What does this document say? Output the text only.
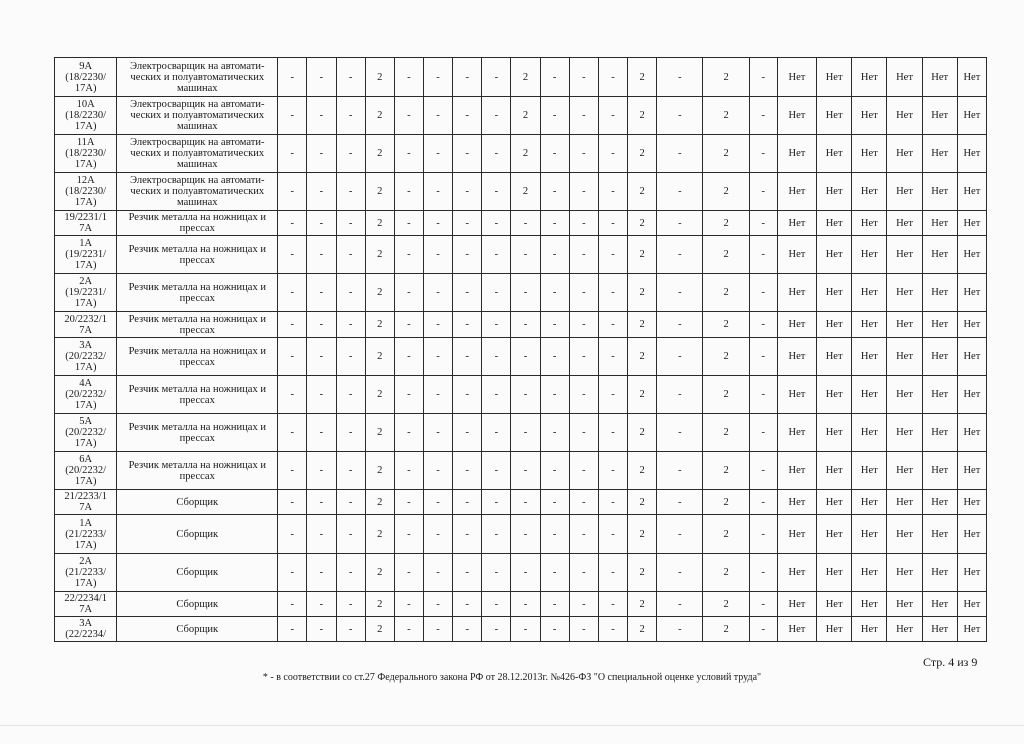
9А
(18/2230/
17А)	Электросварщик на автомати-
ческих и полуавтоматических
машинах	-	-	-	2	-	-	-	-	2	-	-	-	2	-	2	-	Нет	Нет	Нет	Нет	Нет	Нет
10А
(18/2230/
17А)	Электросварщик на автомати-
ческих и полуавтоматических
машинах	-	-	-	2	-	-	-	-	2	-	-	-	2	-	2	-	Нет	Нет	Нет	Нет	Нет	Нет
11А
(18/2230/
17А)	Электросварщик на автомати-
ческих и полуавтоматических
машинах	-	-	-	2	-	-	-	-	2	-	-	-	2	-	2	-	Нет	Нет	Нет	Нет	Нет	Нет
12А
(18/2230/
17А)	Электросварщик на автомати-
ческих и полуавтоматических
машинах	-	-	-	2	-	-	-	-	2	-	-	-	2	-	2	-	Нет	Нет	Нет	Нет	Нет	Нет
19/2231/1
7А	Резчик металла на ножницах и
прессах	-	-	-	2	-	-	-	-	-	-	-	-	2	-	2	-	Нет	Нет	Нет	Нет	Нет	Нет
1А
(19/2231/
17А)	Резчик металла на ножницах и
прессах	-	-	-	2	-	-	-	-	-	-	-	-	2	-	2	-	Нет	Нет	Нет	Нет	Нет	Нет
2А
(19/2231/
17А)	Резчик металла на ножницах и
прессах	-	-	-	2	-	-	-	-	-	-	-	-	2	-	2	-	Нет	Нет	Нет	Нет	Нет	Нет
20/2232/1
7А	Резчик металла на ножницах и
прессах	-	-	-	2	-	-	-	-	-	-	-	-	2	-	2	-	Нет	Нет	Нет	Нет	Нет	Нет
3А
(20/2232/
17А)	Резчик металла на ножницах и
прессах	-	-	-	2	-	-	-	-	-	-	-	-	2	-	2	-	Нет	Нет	Нет	Нет	Нет	Нет
4А
(20/2232/
17А)	Резчик металла на ножницах и
прессах	-	-	-	2	-	-	-	-	-	-	-	-	2	-	2	-	Нет	Нет	Нет	Нет	Нет	Нет
5А
(20/2232/
17А)	Резчик металла на ножницах и
прессах	-	-	-	2	-	-	-	-	-	-	-	-	2	-	2	-	Нет	Нет	Нет	Нет	Нет	Нет
6А
(20/2232/
17А)	Резчик металла на ножницах и
прессах	-	-	-	2	-	-	-	-	-	-	-	-	2	-	2	-	Нет	Нет	Нет	Нет	Нет	Нет
21/2233/1
7А	Сборщик	-	-	-	2	-	-	-	-	-	-	-	-	2	-	2	-	Нет	Нет	Нет	Нет	Нет	Нет
1А
(21/2233/
17А)	Сборщик	-	-	-	2	-	-	-	-	-	-	-	-	2	-	2	-	Нет	Нет	Нет	Нет	Нет	Нет
2А
(21/2233/
17А)	Сборщик	-	-	-	2	-	-	-	-	-	-	-	-	2	-	2	-	Нет	Нет	Нет	Нет	Нет	Нет
22/2234/1
7А	Сборщик	-	-	-	2	-	-	-	-	-	-	-	-	2	-	2	-	Нет	Нет	Нет	Нет	Нет	Нет
3А
(22/2234/	Сборщик	-	-	-	2	-	-	-	-	-	-	-	-	2	-	2	-	Нет	Нет	Нет	Нет	Нет	Нет
Стр. 4 из 9
* - в соответствии со ст.27 Федерального закона РФ от 28.12.2013г. №426-ФЗ "О специальной оценке условий труда"
